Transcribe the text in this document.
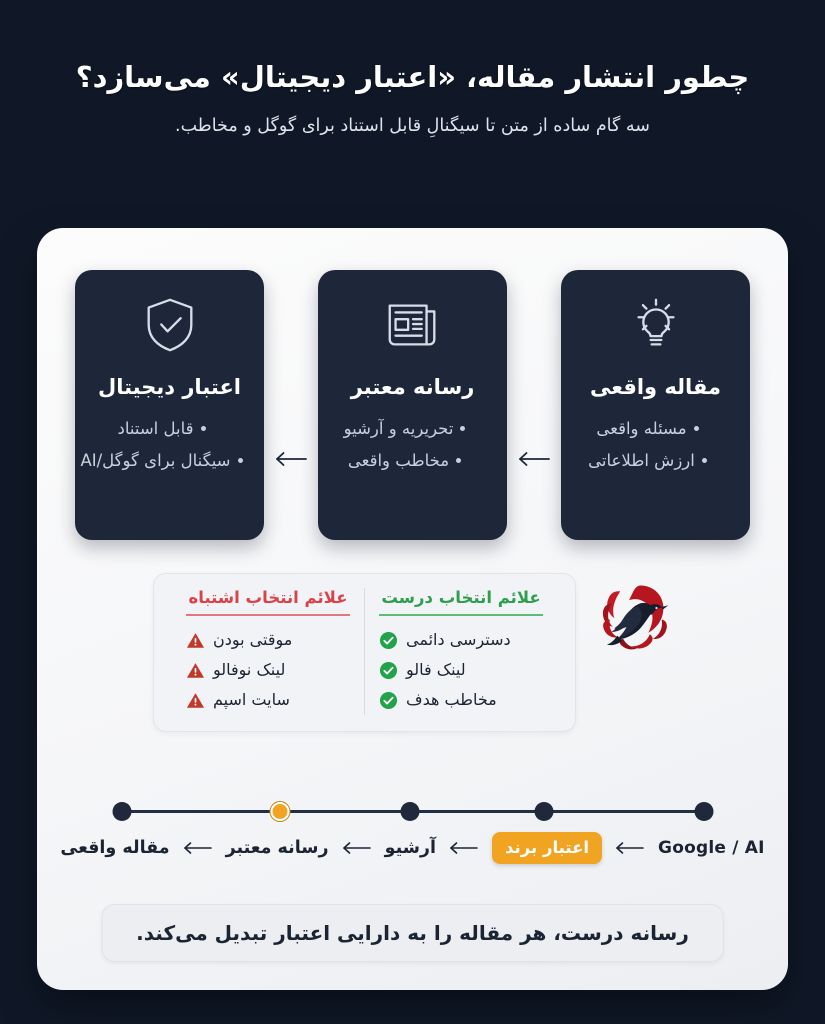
چطور انتشار مقاله، «اعتبار دیجیتال» می‌سازد؟
سه گام ساده از متن تا سیگنالِ قابل استناد برای گوگل و مخاطب.
اعتبار دیجیتال
قابل استناد
سیگنال برای گوگل/AI
رسانه معتبر
تحریریه و آرشیو
مخاطب واقعی
مقاله واقعی
مسئله واقعی
ارزش اطلاعاتی
علائم انتخاب اشتباه
موقتی بودن
لینک نوفالو
سایت اسپم
علائم انتخاب درست
دسترسی دائمی
لینک فالو
مخاطب هدف
مقاله واقعی	رسانه معتبر	آرشیو	اعتبار برند	Google / AI
رسانه درست، هر مقاله را به دارایی اعتبار تبدیل می‌کند.
